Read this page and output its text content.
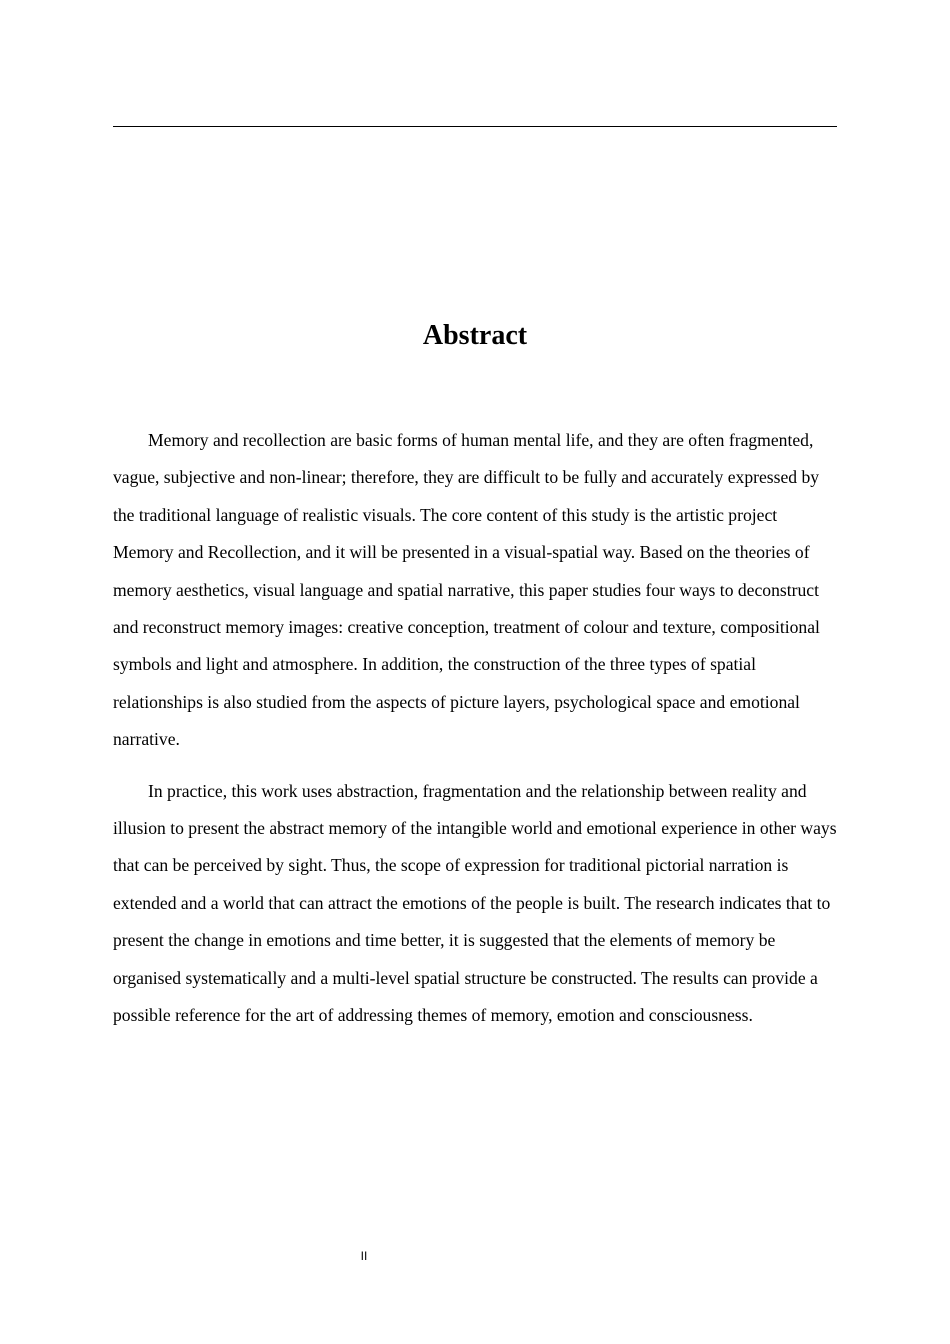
Abstract

Memory and recollection are basic forms of human mental life, and they are often fragmented, vague, subjective and non-linear; therefore, they are difficult to be fully and accurately expressed by the traditional language of realistic visuals. The core content of this study is the artistic project Memory and Recollection, and it will be presented in a visual-spatial way. Based on the theories of memory aesthetics, visual language and spatial narrative, this paper studies four ways to deconstruct and reconstruct memory images: creative conception, treatment of colour and texture, compositional symbols and light and atmosphere. In addition, the construction of the three types of spatial relationships is also studied from the aspects of picture layers, psychological space and emotional narrative.

In practice, this work uses abstraction, fragmentation and the relationship between reality and illusion to present the abstract memory of the intangible world and emotional experience in other ways that can be perceived by sight. Thus, the scope of expression for traditional pictorial narration is extended and a world that can attract the emotions of the people is built. The research indicates that to present the change in emotions and time better, it is suggested that the elements of memory be organised systematically and a multi-level spatial structure be constructed. The results can provide a possible reference for the art of addressing themes of memory, emotion and consciousness.

II
